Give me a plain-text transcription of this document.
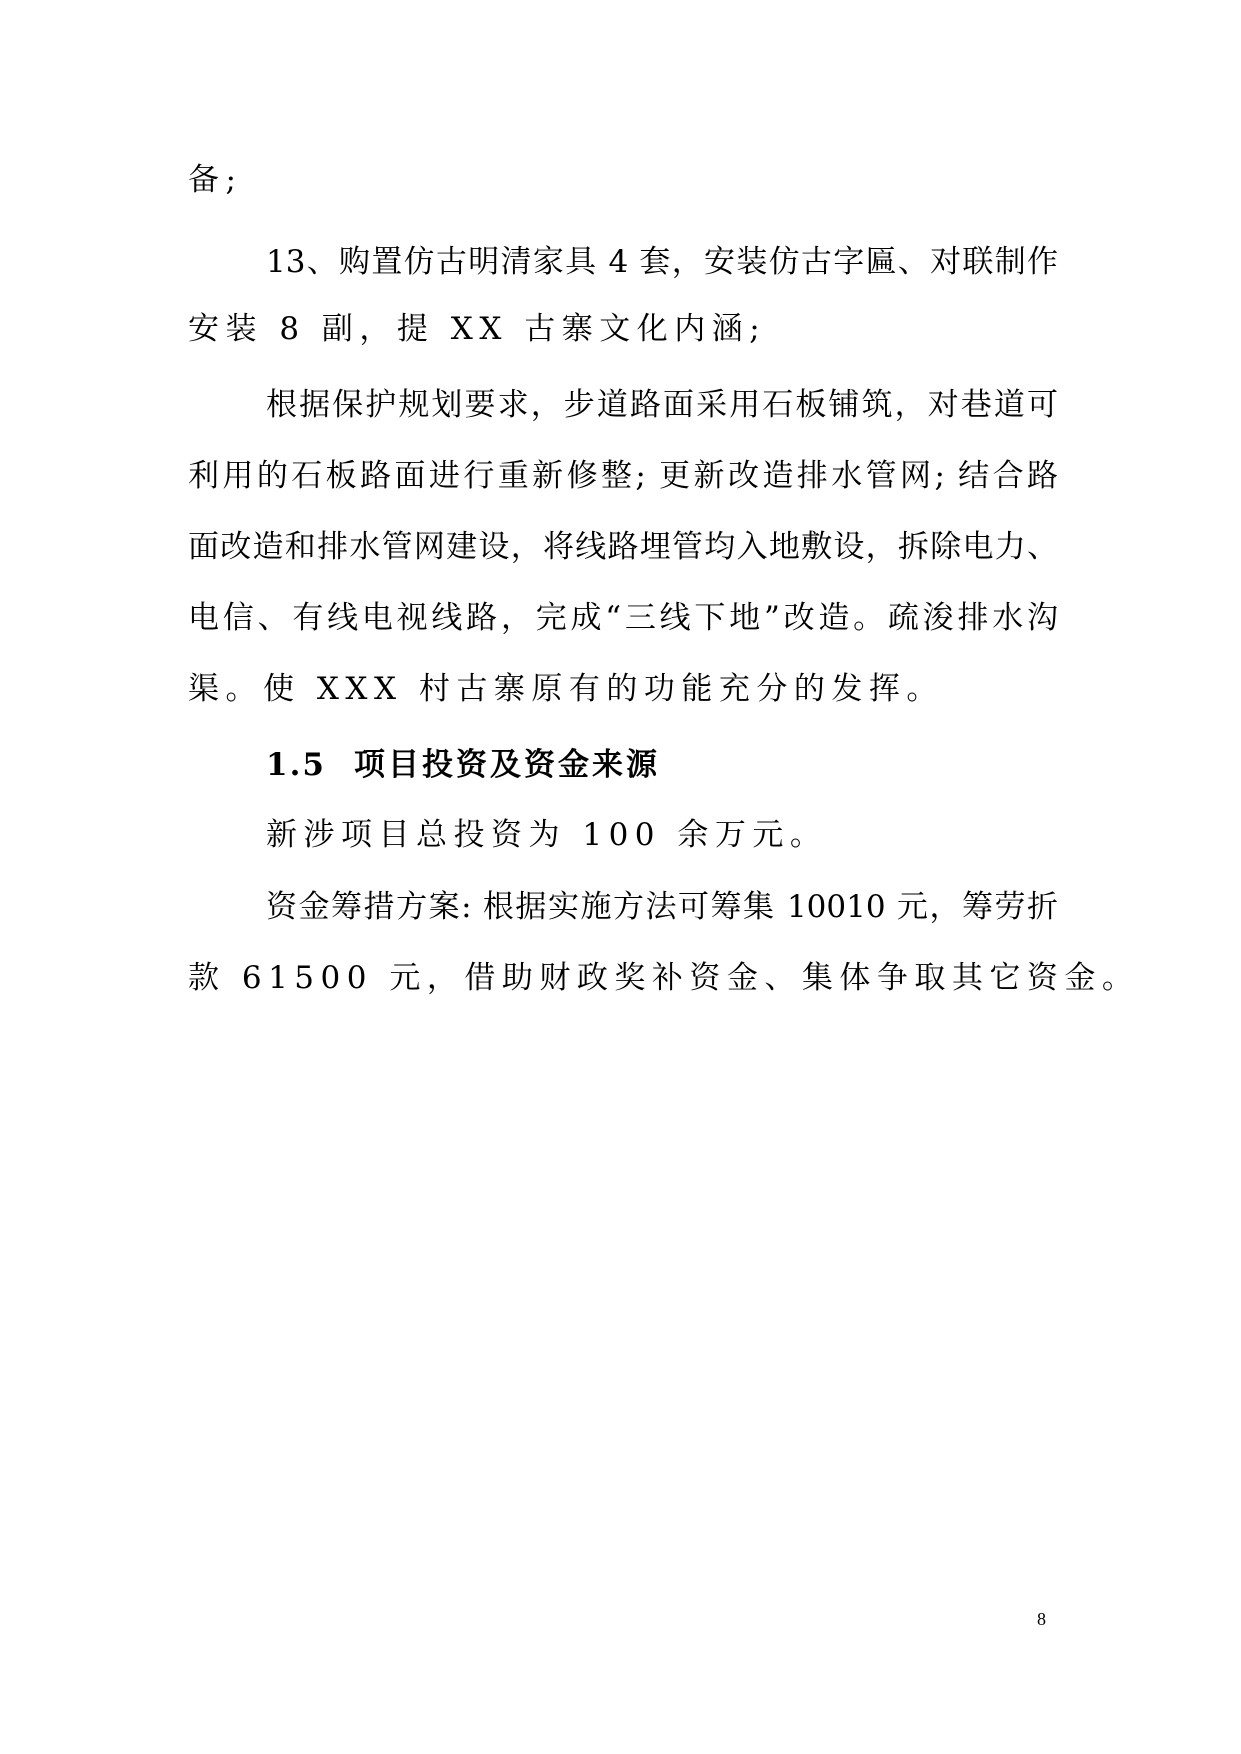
备;
13、购置仿古明清家具 4 套，安装仿古字匾、对联制作
安装 8 副，提 XX 古寨文化内涵;
根据保护规划要求，步道路面采用石板铺筑，对巷道可
利用的石板路面进行重新修整; 更新改造排水管网; 结合路
面改造和排水管网建设，将线路埋管均入地敷设，拆除电力、
电信、有线电视线路，完成“三线下地”改造。疏浚排水沟
渠。使 XXX 村古寨原有的功能充分的发挥。
1.5 项目投资及资金来源
新涉项目总投资为 100 余万元。
资金筹措方案: 根据实施方法可筹集 10010 元，筹劳折
款 61500 元，借助财政奖补资金、集体争取其它资金。
8
